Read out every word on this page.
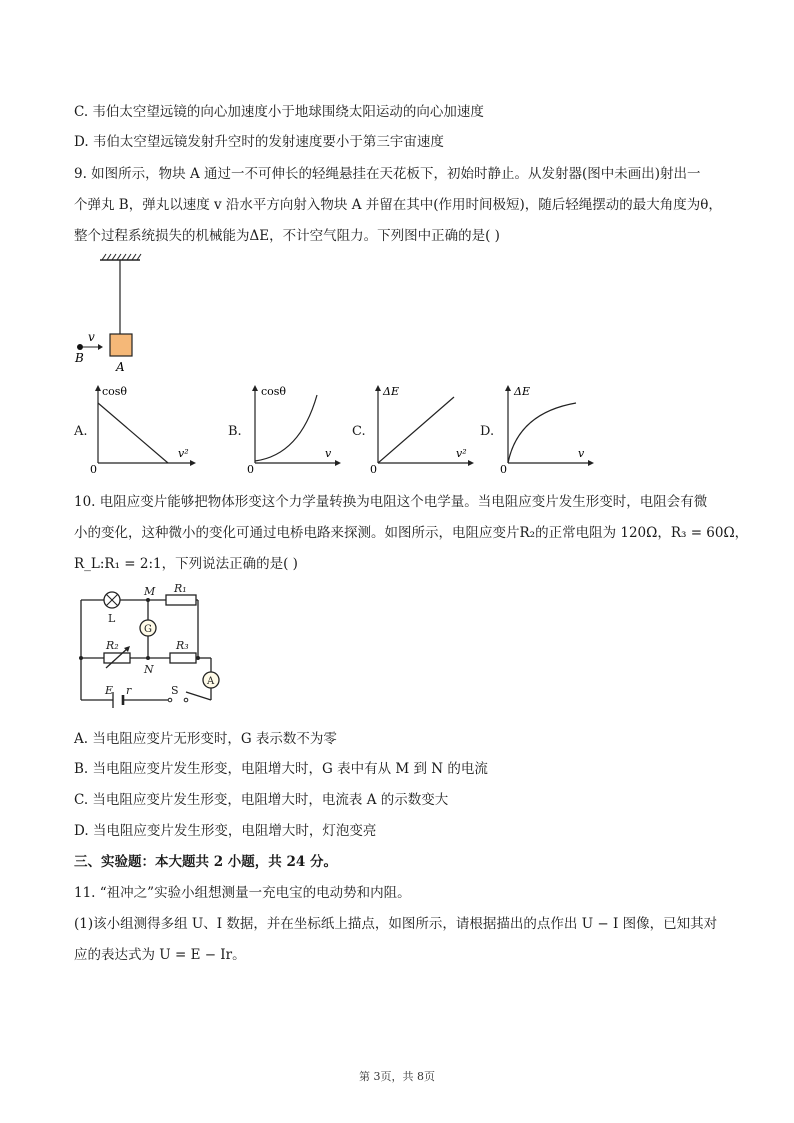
C. 韦伯太空望远镜的向心加速度小于地球围绕太阳运动的向心加速度
D. 韦伯太空望远镜发射升空时的发射速度要小于第三宇宙速度
9. 如图所示，物块 A 通过一不可伸长的轻绳悬挂在天花板下，初始时静止。从发射器(图中未画出)射出一
个弹丸 B，弹丸以速度 v 沿水平方向射入物块 A 并留在其中(作用时间极短)，随后轻绳摆动的最大角度为θ，
整个过程系统损失的机械能为ΔE，不计空气阻力。下列图中正确的是( )
v
B
A
A.
cosθ
v²
0
B.
cosθ
v
0
C.
ΔE
v²
0
D.
ΔE
v
0
10. 电阻应变片能够把物体形变这个力学量转换为电阻这个电学量。当电阻应变片发生形变时，电阻会有微
小的变化，这种微小的变化可通过电桥电路来探测。如图所示，电阻应变片R₂的正常电阻为 120Ω，R₃ = 60Ω，
R_L:R₁ = 2:1，下列说法正确的是( )
L
M
N
G
A
R₁
R₂	R₃
E r	S
A. 当电阻应变片无形变时，G 表示数不为零
B. 当电阻应变片发生形变，电阻增大时，G 表中有从 M 到 N 的电流
C. 当电阻应变片发生形变，电阻增大时，电流表 A 的示数变大
D. 当电阻应变片发生形变，电阻增大时，灯泡变亮
三、实验题：本大题共 2 小题，共 24 分。
11. “祖冲之”实验小组想测量一充电宝的电动势和内阻。
(1)该小组测得多组 U、I 数据，并在坐标纸上描点，如图所示，请根据描出的点作出 U − I 图像，已知其对
应的表达式为 U = E − Ir。
第 3页，共 8页
